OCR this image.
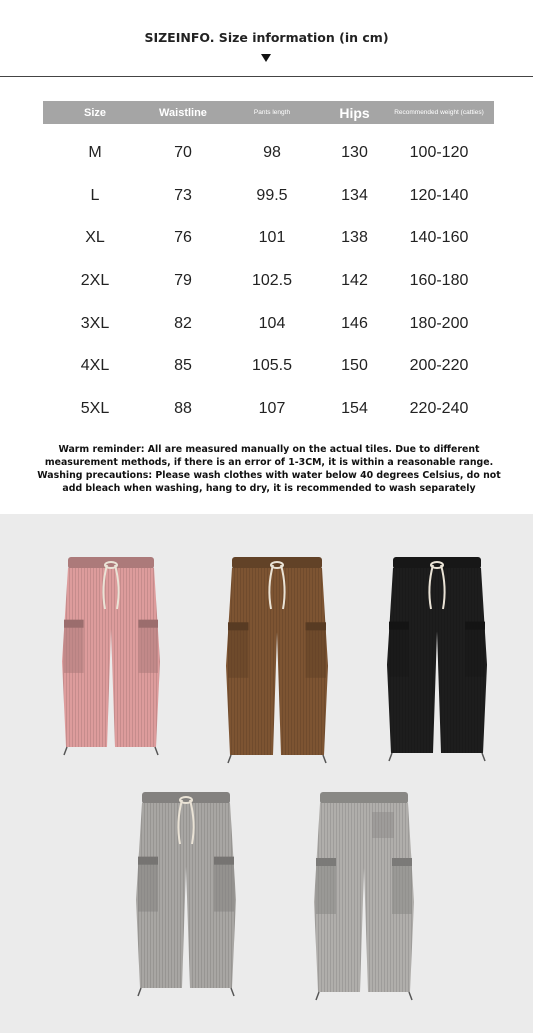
SIZEINFO. Size information (in cm)
Size	Waistline	Pants length	Hips	Recommended weight (catties)
M	70	98	130	100-120
L	73	99.5	134	120-140
XL	76	101	138	140-160
2XL	79	102.5	142	160-180
3XL	82	104	146	180-200
4XL	85	105.5	150	200-220
5XL	88	107	154	220-240

Warm reminder: All are measured manually on the actual tiles. Due to different measurement methods, if there is an error of 1-3CM, it is within a reasonable range.

Washing precautions: Please wash clothes with water below 40 degrees Celsius, do not add bleach when washing, hang to dry, it is recommended to wash separately
